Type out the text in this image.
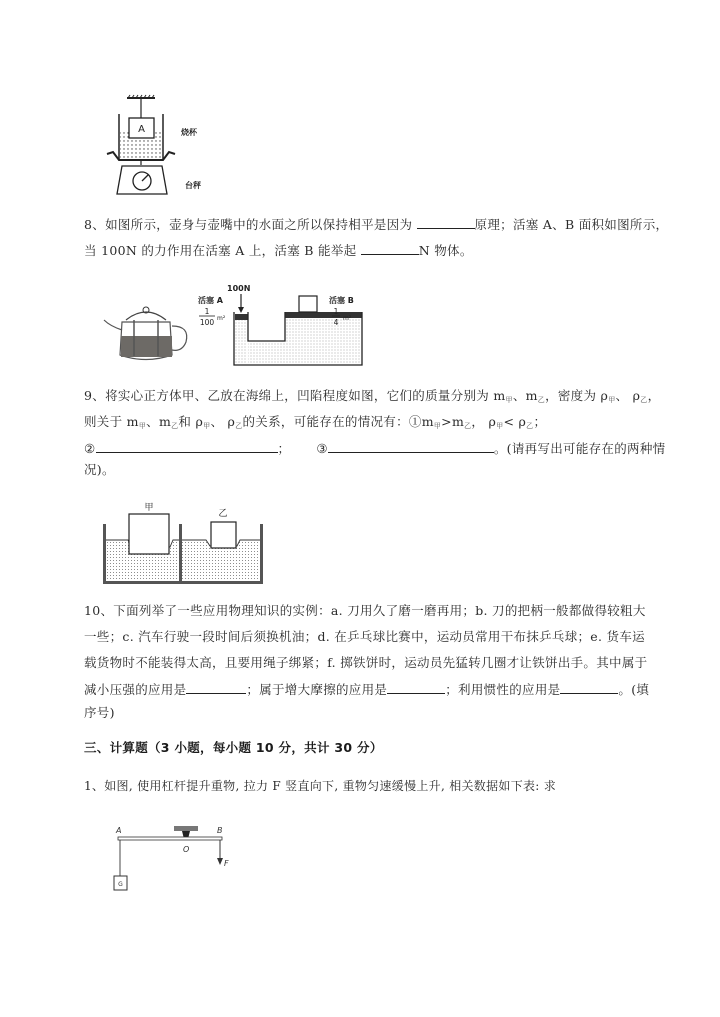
A	烧杯
台秤
8、如图所示，壶身与壶嘴中的水面之所以保持相平是因为	原理；活塞 A、B 面积如图所示，
当 100N 的力作用在活塞 A 上，活塞 B 能举起	N 物体。
100N
活塞 A
1
100 m²
活塞 B
1
4 m²
9、将实心正方体甲、乙放在海绵上，凹陷程度如图，它们的质量分别为 $m_甲$、$m_乙$，密度为 $\rho_甲$、 $\rho_乙$，
则关于 $m_甲$、$m_乙$和 $\rho_甲$、 $\rho_乙$的关系，可能存在的情况有：$①m_甲>m_乙$， $\rho_甲< \rho_乙$；
②	； ③	。(请再写出可能存在的两种情
况)。
甲
乙
10、下面列举了一些应用物理知识的实例：a. 刀用久了磨一磨再用；b. 刀的把柄一般都做得较粗大
一些；c. 汽车行驶一段时间后须换机油；d. 在乒乓球比赛中，运动员常用干布抹乒乓球；e. 货车运
载货物时不能装得太高，且要用绳子绑紧；f. 掷铁饼时，运动员先猛转几圈才让铁饼出手。其中属于
减小压强的应用是	；属于增大摩擦的应用是	；利用惯性的应用是	。(填
序号)
三、计算题（3 小题，每小题 10 分，共计 30 分）
1、如图, 使用杠杆提升重物, 拉力 F 竖直向下, 重物匀速缓慢上升, 相关数据如下表: 求
G
A	B
O
F
